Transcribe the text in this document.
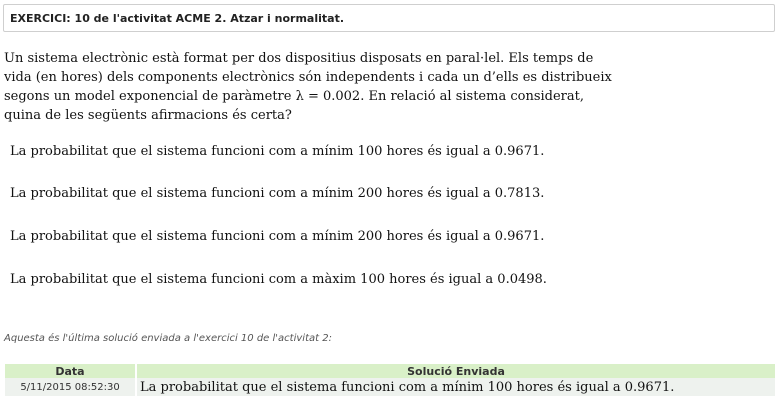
EXERCICI: 10 de l'activitat ACME 2. Atzar i normalitat.
Un sistema electrònic està format per dos dispositius disposats en paral·lel. Els temps de
vida (en hores) dels components electrònics són independents i cada un d’ells es distribueix
segons un model exponencial de paràmetre λ = 0.002. En relació al sistema considerat,
quina de les següents afirmacions és certa?
La probabilitat que el sistema funcioni com a mínim 100 hores és igual a 0.9671.
La probabilitat que el sistema funcioni com a mínim 200 hores és igual a 0.7813.
La probabilitat que el sistema funcioni com a mínim 200 hores és igual a 0.9671.
La probabilitat que el sistema funcioni com a màxim 100 hores és igual a 0.0498.
Aquesta és l'última solució enviada a l'exercici 10 de l'activitat 2:
Data	Solució Enviada
5/11/2015 08:52:30	La probabilitat que el sistema funcioni com a mínim 100 hores és igual a 0.9671.
